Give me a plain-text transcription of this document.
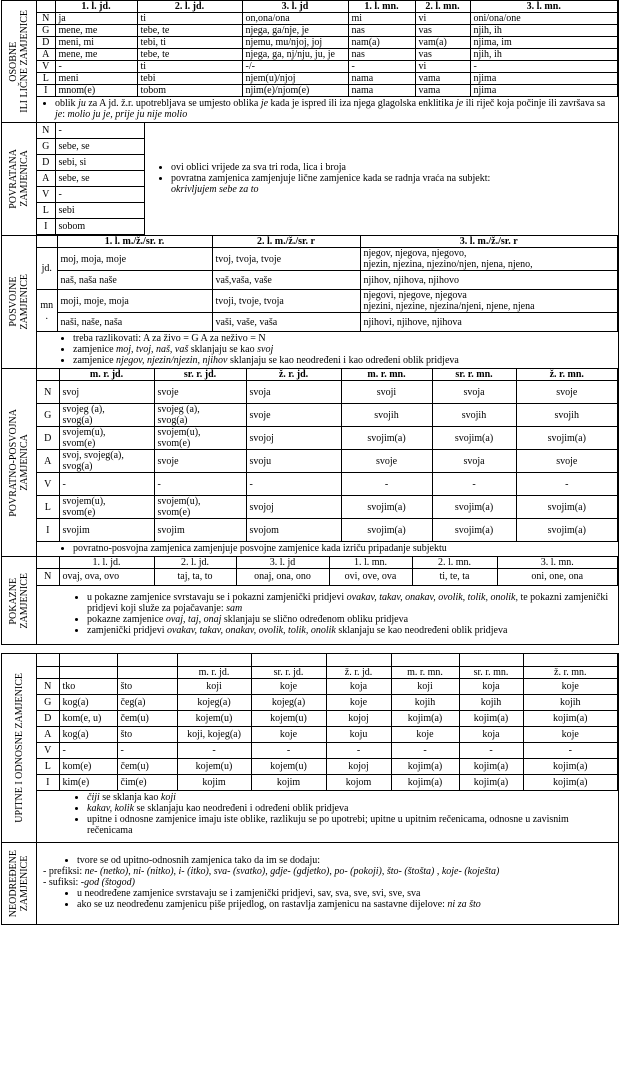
OSOBNE
ILI LIČNE ZAMJENICE
	1. l. jd.	2. l. jd.	3. l. jd	1. l. mn.	2. l. mn.	3. l. mn.
N	ja	ti	on,ona/ona	mi	vi	oni/ona/one
G	mene, me	tebe, te	njega, ga/nje, je	nas	vas	njih, ih
D	meni, mi	tebi, ti	njemu, mu/njoj, joj	nam(a)	vam(a)	njima, im
A	mene, me	tebe, te	njega, ga, nj/nju, ju, je	nas	vas	njih, ih
V	-	ti	-/-	-	vi	-
L	meni	tebi	njem(u)/njoj	nama	vama	njima
I	mnom(e)	tobom	njim(e)/njom(e)	nama	vama	njima
• oblik ju za A jd. ž.r. upotrebljava se umjesto oblika je kada je ispred ili iza njega glagolska enklitika je ili riječ koja počinje ili završava sa je: molio ju je, prije ju nije molio
POVRATANA
ZAMJENICA
N	-
G	sebe, se
D	sebi, si
A	sebe, se
V	-
L	sebi
I	sobom
• ovi oblici vrijede za sva tri roda, lica i broja
• povratna zamjenica zamjenjuje lične zamjenice kada se radnja vraća na subjekt:
okrivljujem sebe za to
POSVOJNE
ZAMJENICE
	1. l. m./ž./sr. r.	2. l. m./ž./sr. r	3. l. m./ž./sr. r
jd.	moj, moja, moje	tvoj, tvoja, tvoje	njegov, njegova, njegovo,
njezin, njezina, njezino/njen, njena, njeno,
	naš, naša naše	vaš,vaša, vaše	njihov, njihova, njihovo
mn.	moji, moje, moja	tvoji, tvoje, tvoja	njegovi, njegove, njegova
njezini, njezine, njezina/njeni, njene, njena
	naši, naše, naša	vaši, vaše, vaša	njihovi, njihove, njihova
• treba razlikovati: A za živo = G A za neživo = N
• zamjenice moj, tvoj, naš, vaš sklanjaju se kao svoj
• zamjenice njegov, njezin/njezin, njihov sklanjaju se kao neodređeni i kao određeni oblik pridjeva
POVRATNO-POSVOJNA
ZAMJENICA
	m. r. jd.	sr. r. jd.	ž. r. jd.	m. r. mn.	sr. r. mn.	ž. r. mn.
N	svoj	svoje	svoja	svoji	svoja	svoje
G	svojeg (a),
svog(a)	svojeg (a),
svog(a)	svoje	svojih	svojih	svojih
D	svojem(u),
svom(e)	svojem(u),
svom(e)	svojoj	svojim(a)	svojim(a)	svojim(a)
A	svoj, svojeg(a),
svog(a)	svoje	svoju	svoje	svoja	svoje
V	-	-	-	-	-	-
L	svojem(u),
svom(e)	svojem(u),
svom(e)	svojoj	svojim(a)	svojim(a)	svojim(a)
I	svojim	svojim	svojom	svojim(a)	svojim(a)	svojim(a)
• povratno-posvojna zamjenica zamjenjuje posvojne zamjenice kada izriču pripadanje subjektu
POKAZNE
ZAMJENICE
	1. l. jd.	2. l. jd.	3. l. jd	1. l. mn.	2. l. mn.	3. l. mn.
N	ovaj, ova, ovo	taj, ta, to	onaj, ona, ono	ovi, ove, ova	ti, te, ta	oni, one, ona
• u pokazne zamjenice svrstavaju se i pokazni zamjenički pridjevi ovakav, takav, onakav, ovolik, tolik, onolik, te pokazni zamjenički pridjevi koji služe za pojačavanje: sam
• pokazne zamjenice ovaj, taj, onaj sklanjaju se slično određenom obliku pridjeva
• zamjenički pridjevi ovakav, takav, onakav, ovolik, tolik, onolik sklanjaju se kao neodređeni oblik pridjeva
UPITNE I ODNOSNE ZAMJENICE

			m. r. jd.	sr. r. jd.	ž. r. jd.	m. r. mn.	sr. r. mn.	ž. r. mn.
N	tko	što	koji	koje	koja	koji	koja	koje
G	kog(a)	čeg(a)	kojeg(a)	kojeg(a)	koje	kojih	kojih	kojih
D	kom(e, u)	čem(u)	kojem(u)	kojem(u)	kojoj	kojim(a)	kojim(a)	kojim(a)
A	kog(a)	što	koji, kojeg(a)	koje	koju	koje	koja	koje
V	-	-	-	-	-	-	-	-
L	kom(e)	čem(u)	kojem(u)	kojem(u)	kojoj	kojim(a)	kojim(a)	kojim(a)
I	kim(e)	čim(e)	kojim	kojim	kojom	kojim(a)	kojim(a)	kojim(a)
• čiji se sklanja kao koji
• kakav, kolik se sklanjaju kao neodređeni i određeni oblik pridjeva
• upitne i odnosne zamjenice imaju iste oblike, razlikuju se po upotrebi; upitne u upitnim rečenicama, odnosne u zavisnim rečenicama
NEODREĐENE
ZAMJENICE	• tvore se od upitno-odnosnih zamjenica tako da im se dodaju:
- prefiksi: ne- (netko), ni- (nitko), i- (itko), sva- (svatko), gdje- (gdjetko), po- (pokoji), što- (štošta) , koje- (koješta)
- sufiksi: -god (štogod)
• u neodređene zamjenice svrstavaju se i zamjenički pridjevi, sav, sva, sve, svi, sve, sva
• ako se uz neodređenu zamjenicu piše prijedlog, on rastavlja zamjenicu na sastavne dijelove: ni za što
